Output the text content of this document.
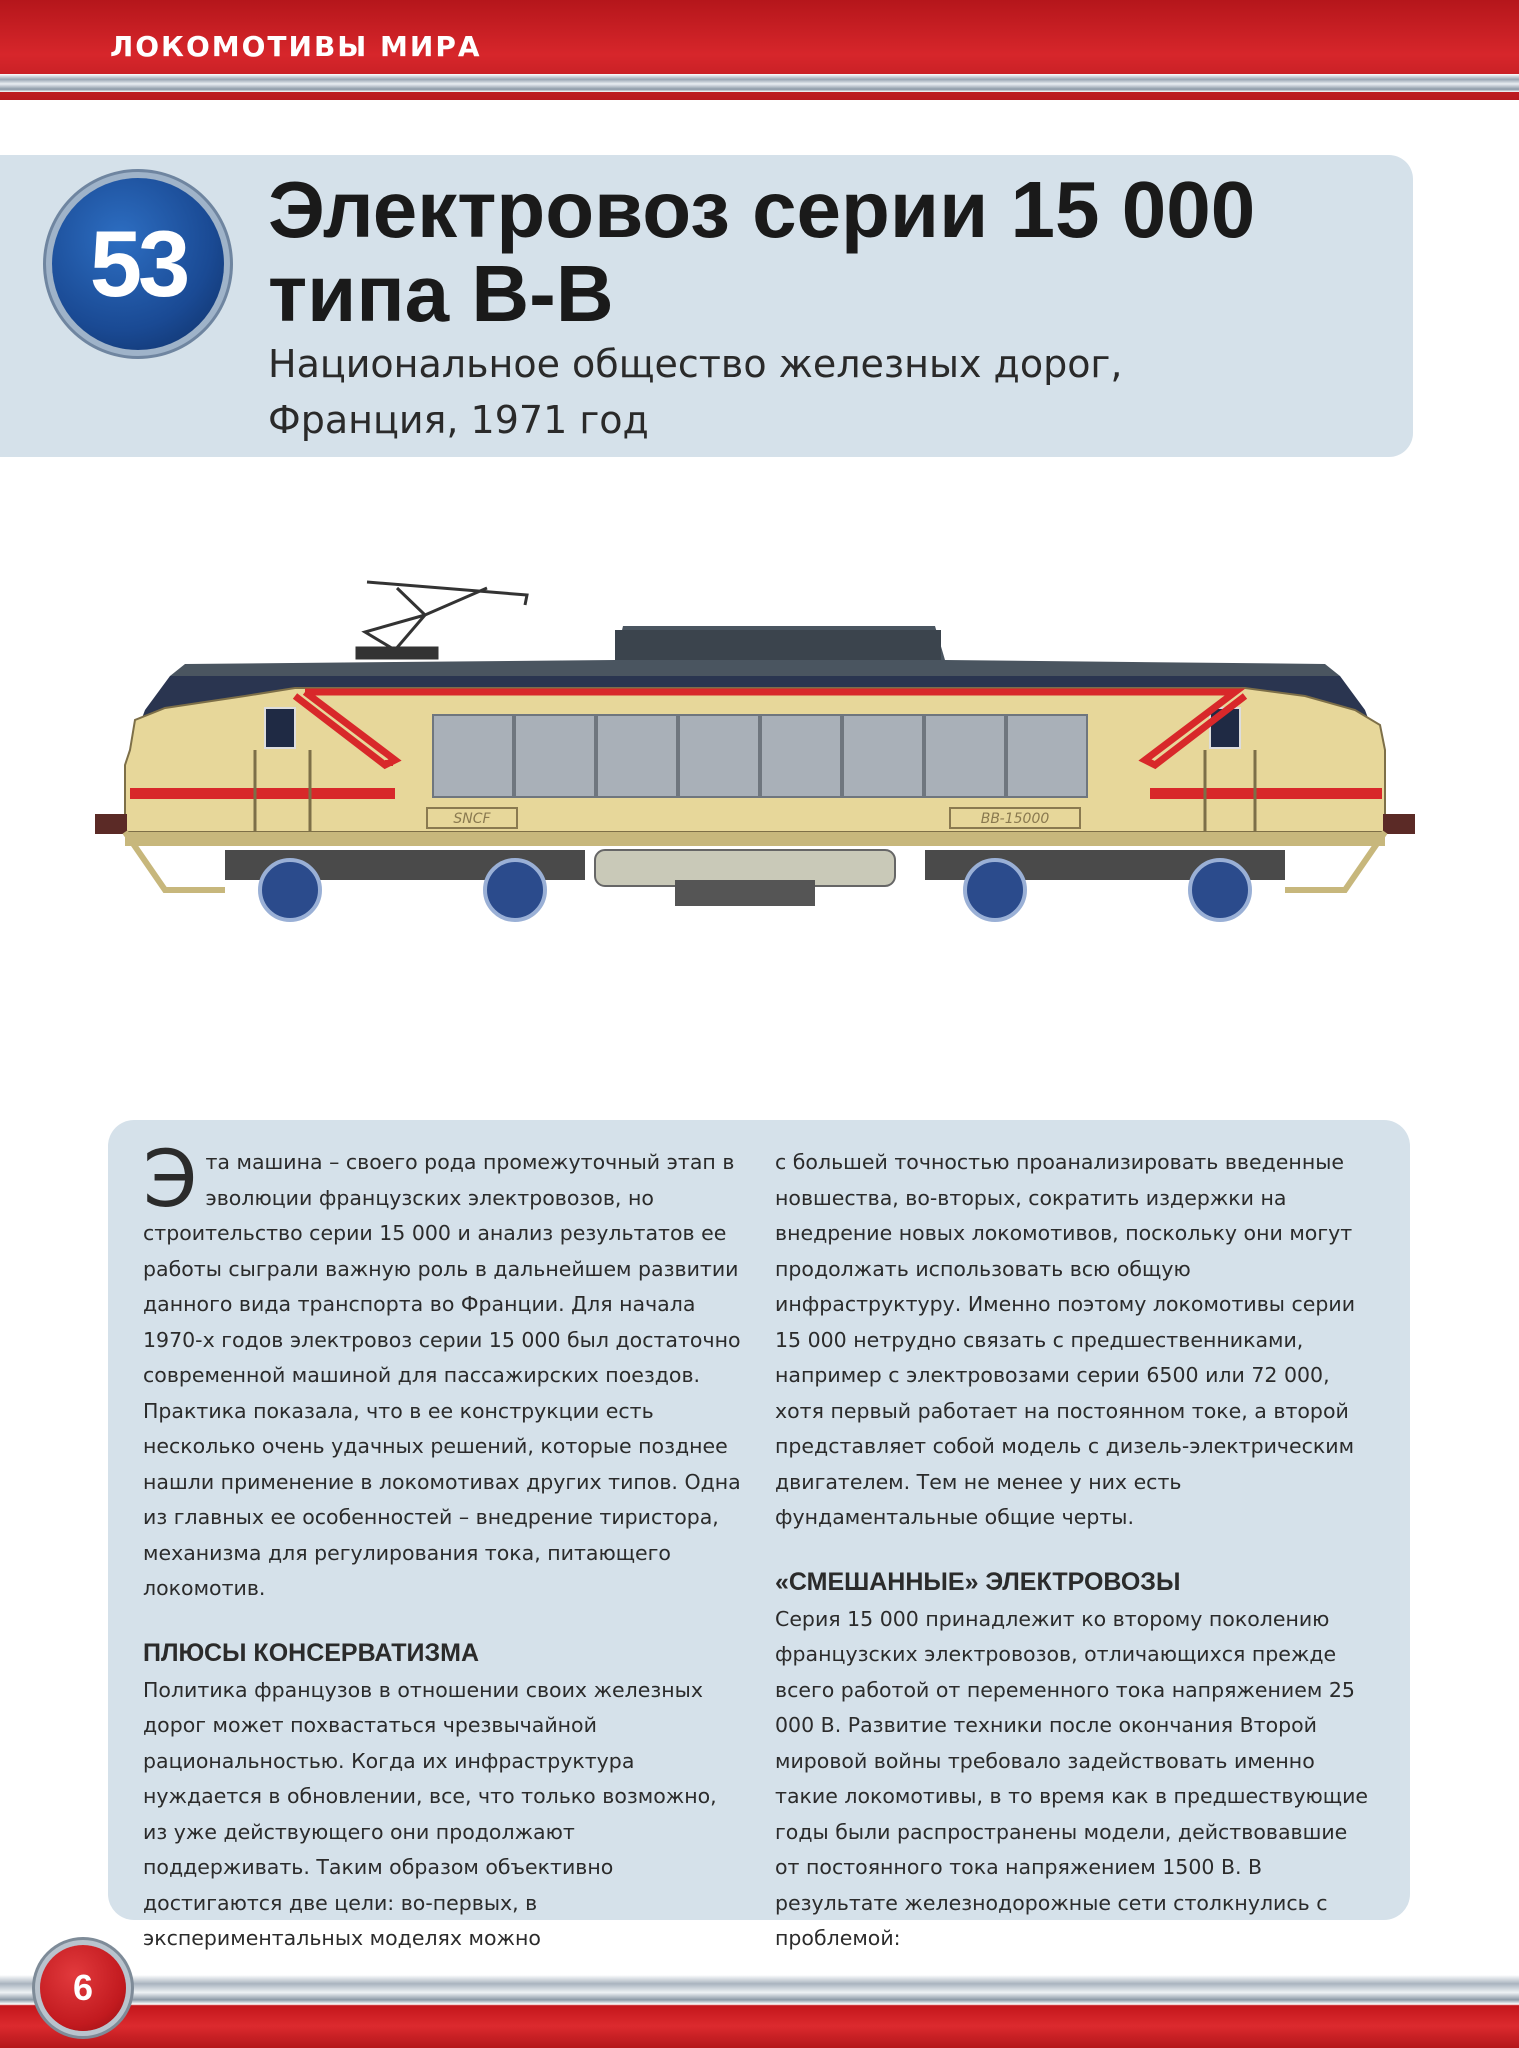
ЛОКОМОТИВЫ МИРА
53
Электровоз серии 15 000
типа В-В

Национальное общество железных дорог,
Франция, 1971 год

SNCF	BB-15000

Эта машина – своего рода промежуточный этап в эволюции французских электровозов, но строительство серии 15 000 и анализ результатов ее работы сыграли важную роль в дальнейшем развитии данного вида транспорта во Франции. Для начала 1970-х годов электровоз серии 15 000 был достаточно современной машиной для пассажирских поездов. Практика показала, что в ее конструкции есть несколько очень удачных решений, которые позднее нашли применение в локомотивах других типов. Одна из главных ее особенностей – внедрение тиристора, механизма для регулирования тока, питающего локомотив.

ПЛЮСЫ КОНСЕРВАТИЗМА

Политика французов в отношении своих железных дорог может похвастаться чрезвычайной рациональностью. Когда их инфраструктура нуждается в обновлении, все, что только возможно, из уже действующего они продолжают поддерживать. Таким образом объективно достигаются две цели: во-первых, в экспериментальных моделях можно

с большей точностью проанализировать введенные новшества, во-вторых, сократить издержки на внедрение новых локомотивов, поскольку они могут продолжать использовать всю общую инфраструктуру. Именно поэтому локомотивы серии 15 000 нетрудно связать с предшественниками, например с электровозами серии 6500 или 72 000, хотя первый работает на постоянном токе, а второй представляет собой модель с дизель-электрическим двигателем. Тем не менее у них есть фундаментальные общие черты.

«СМЕШАННЫЕ» ЭЛЕКТРОВОЗЫ

Серия 15 000 принадлежит ко второму поколению французских электровозов, отличающихся прежде всего работой от переменного тока напряжением 25 000 В. Развитие техники после окончания Второй мировой войны требовало задействовать именно такие локомотивы, в то время как в предшествующие годы были распространены модели, действовавшие от постоянного тока напряжением 1500 В. В результате железнодорожные сети столкнулись с проблемой:

6
